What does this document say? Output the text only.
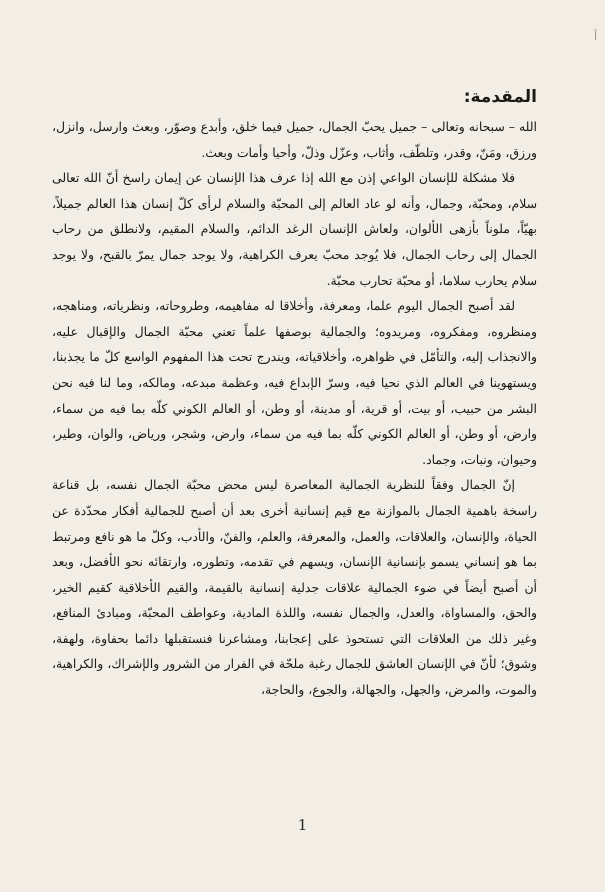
أ
المقدمة:

الله – سبحانه وتعالى – جميل يحبّ الجمال، جميل فيما خلق، وأبدع وصوّر، وبعث وارسل، وانزل، ورزق، ومَنّ، وقدر، وتلطّف، وأثاب، وعزّل وذلّ، وأحيا وأمات وبعث.

فلا مشكلة للإنسان الواعي إذن مع الله إذا عرف هذا الإنسان عن إيمان راسخ أنّ الله تعالى سلام، ومحبّة، وجمال، وأنه لو عاد العالم إلى المحبّة والسلام لرأى كلّ إنسان هذا العالم جميلاً، بهيّاً، ملوناً بأزهى الألوان، ولعاش الإنسان الرغد الدائم، والسلام المقيم، ولانطلق من رحاب الجمال إلى رحاب الجمال، فلا يُوجد محبّ يعرف الكراهية، ولا يوجد جمال يمرّ بالقبح، ولا يوجد سلام يحارب سلاما، أو محبّة تحارب محبّة.

لقد أصبح الجمال اليوم علما، ومعرفة، وأخلاقا له مفاهيمه، وطروحاته، ونظرياته، ومناهجه، ومنظروه، ومفكروه، ومريدوه؛ والجمالية بوصفها علماً تعني محبّة الجمال والإقبال عليه، والانجذاب إليه، والتأمّل في ظواهره، وأخلاقياته، ويندرج تحت هذا المفهوم الواسع كلّ ما يجذبنا، ويستهوينا في العالم الذي نحيا فيه، وسرّ الإبداع فيه، وعظمة مبدعه، ومالكه، وما لنا فيه نحن البشر من حبيب، أو بيت، أو قرية، أو مدينة، أو وطن، أو العالم الكوني كلّه بما فيه من سماء، وارض، أو وطن، أو العالم الكوني كلّه بما فيه من سماء، وارض، وشجر، ورياض، والوان، وطير، وحيوان، ونبات، وجماد.

إنّ الجمال وفقاً للنظرية الجمالية المعاصرة ليس محض محبّة الجمال نفسه، بل قناعة راسخة باهمية الجمال بالموازنة مع قيم إنسانية أخرى بعد أن أصبح للجمالية أفكار محدّدة عن الحياة، والإنسان، والعلاقات، والعمل، والمعرفة، والعلم، والفنّ، والأدب، وكلّ ما هو نافع ومرتبط بما هو إنساني يسمو بإنسانية الإنسان، ويسهم في تقدمه، وتطوره، وارتقائه نحو الأفضل، وبعد أن أصبح أيضاً في ضوء الجمالية علاقات جدلية إنسانية بالقيمة، والقيم الأخلاقية كقيم الخير، والحق، والمساواة، والعدل، والجمال نفسه، واللذة المادية، وعواطف المحبّة، ومبادئ المنافع، وغير ذلك من العلاقات التي تستحوذ على إعجابنا، ومشاعرنا فنستقبلها دائما بحفاوة، ولهفة، وشوق؛ لأنّ في الإنسان العاشق للجمال رغبة ملحّة في الفرار من الشرور والإشراك، والكراهية، والموت، والمرض، والجهل، والجهالة، والجوع، والحاجة،

1
